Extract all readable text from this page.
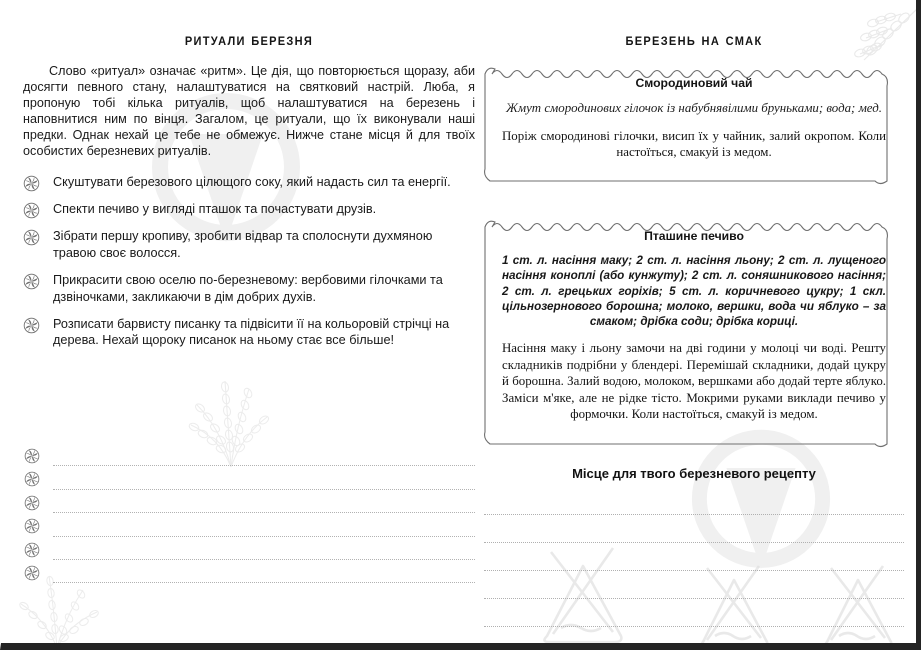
ритуали березня

Слово «ритуал» означає «ритм». Це дія, що повторюється щоразу, аби досягти певного стану, налаштуватися на святковий настрій. Люба, я пропоную тобі кілька ритуалів, щоб налаштуватися на березень і наповнитися ним по вінця. Загалом, це ритуали, що їх виконували наші предки. Однак нехай це тебе не обмежує. Нижче стане місця й для твоїх особистих березневих ритуалів.

Скуштувати березового цілющого соку, який надасть сил та енергії.
Спекти печиво у вигляді пташок та почастувати друзів.
Зібрати першу кропиву, зробити відвар та сполоснути духмяною травою своє волосся.
Прикрасити свою оселю по-березневому: вербовими гілочками та дзвіночками, закликаючи в дім добрих духів.
Розписати барвисту писанку та підвісити її на кольоровій стрічці на дерева. Нехай щороку писанок на ньому стає все більше!
березень на смак
Смородиновий чай

Жмут смородинових гілочок із набубнявілими бруньками; вода; мед.

Поріж смородинові гілочки, висип їх у чайник, залий окропом. Коли настоїться, смакуй із медом.

Пташине печиво

1 ст. л. насіння маку; 2 ст. л. насіння льону; 2 ст. л. лущеного насіння коноплі (або кунжуту); 2 ст. л. соняшникового насіння; 2 ст. л. грецьких горіхів; 5 ст. л. коричневого цукру; 1 скл. цільнозернового борошна; молоко, вершки, вода чи яблуко – за смаком; дрібка соди; дрібка кориці.

Насіння маку і льону замочи на дві години у молоці чи воді. Решту складників подрібни у блендері. Перемішай складники, додай цукру й борошна. Залий водою, молоком, вершками або додай терте яблуко. Заміси м'яке, але не рідке тісто. Мокрими руками виклади печиво у формочки. Коли настоїться, смакуй із медом.

Місце для твого березневого рецепту
